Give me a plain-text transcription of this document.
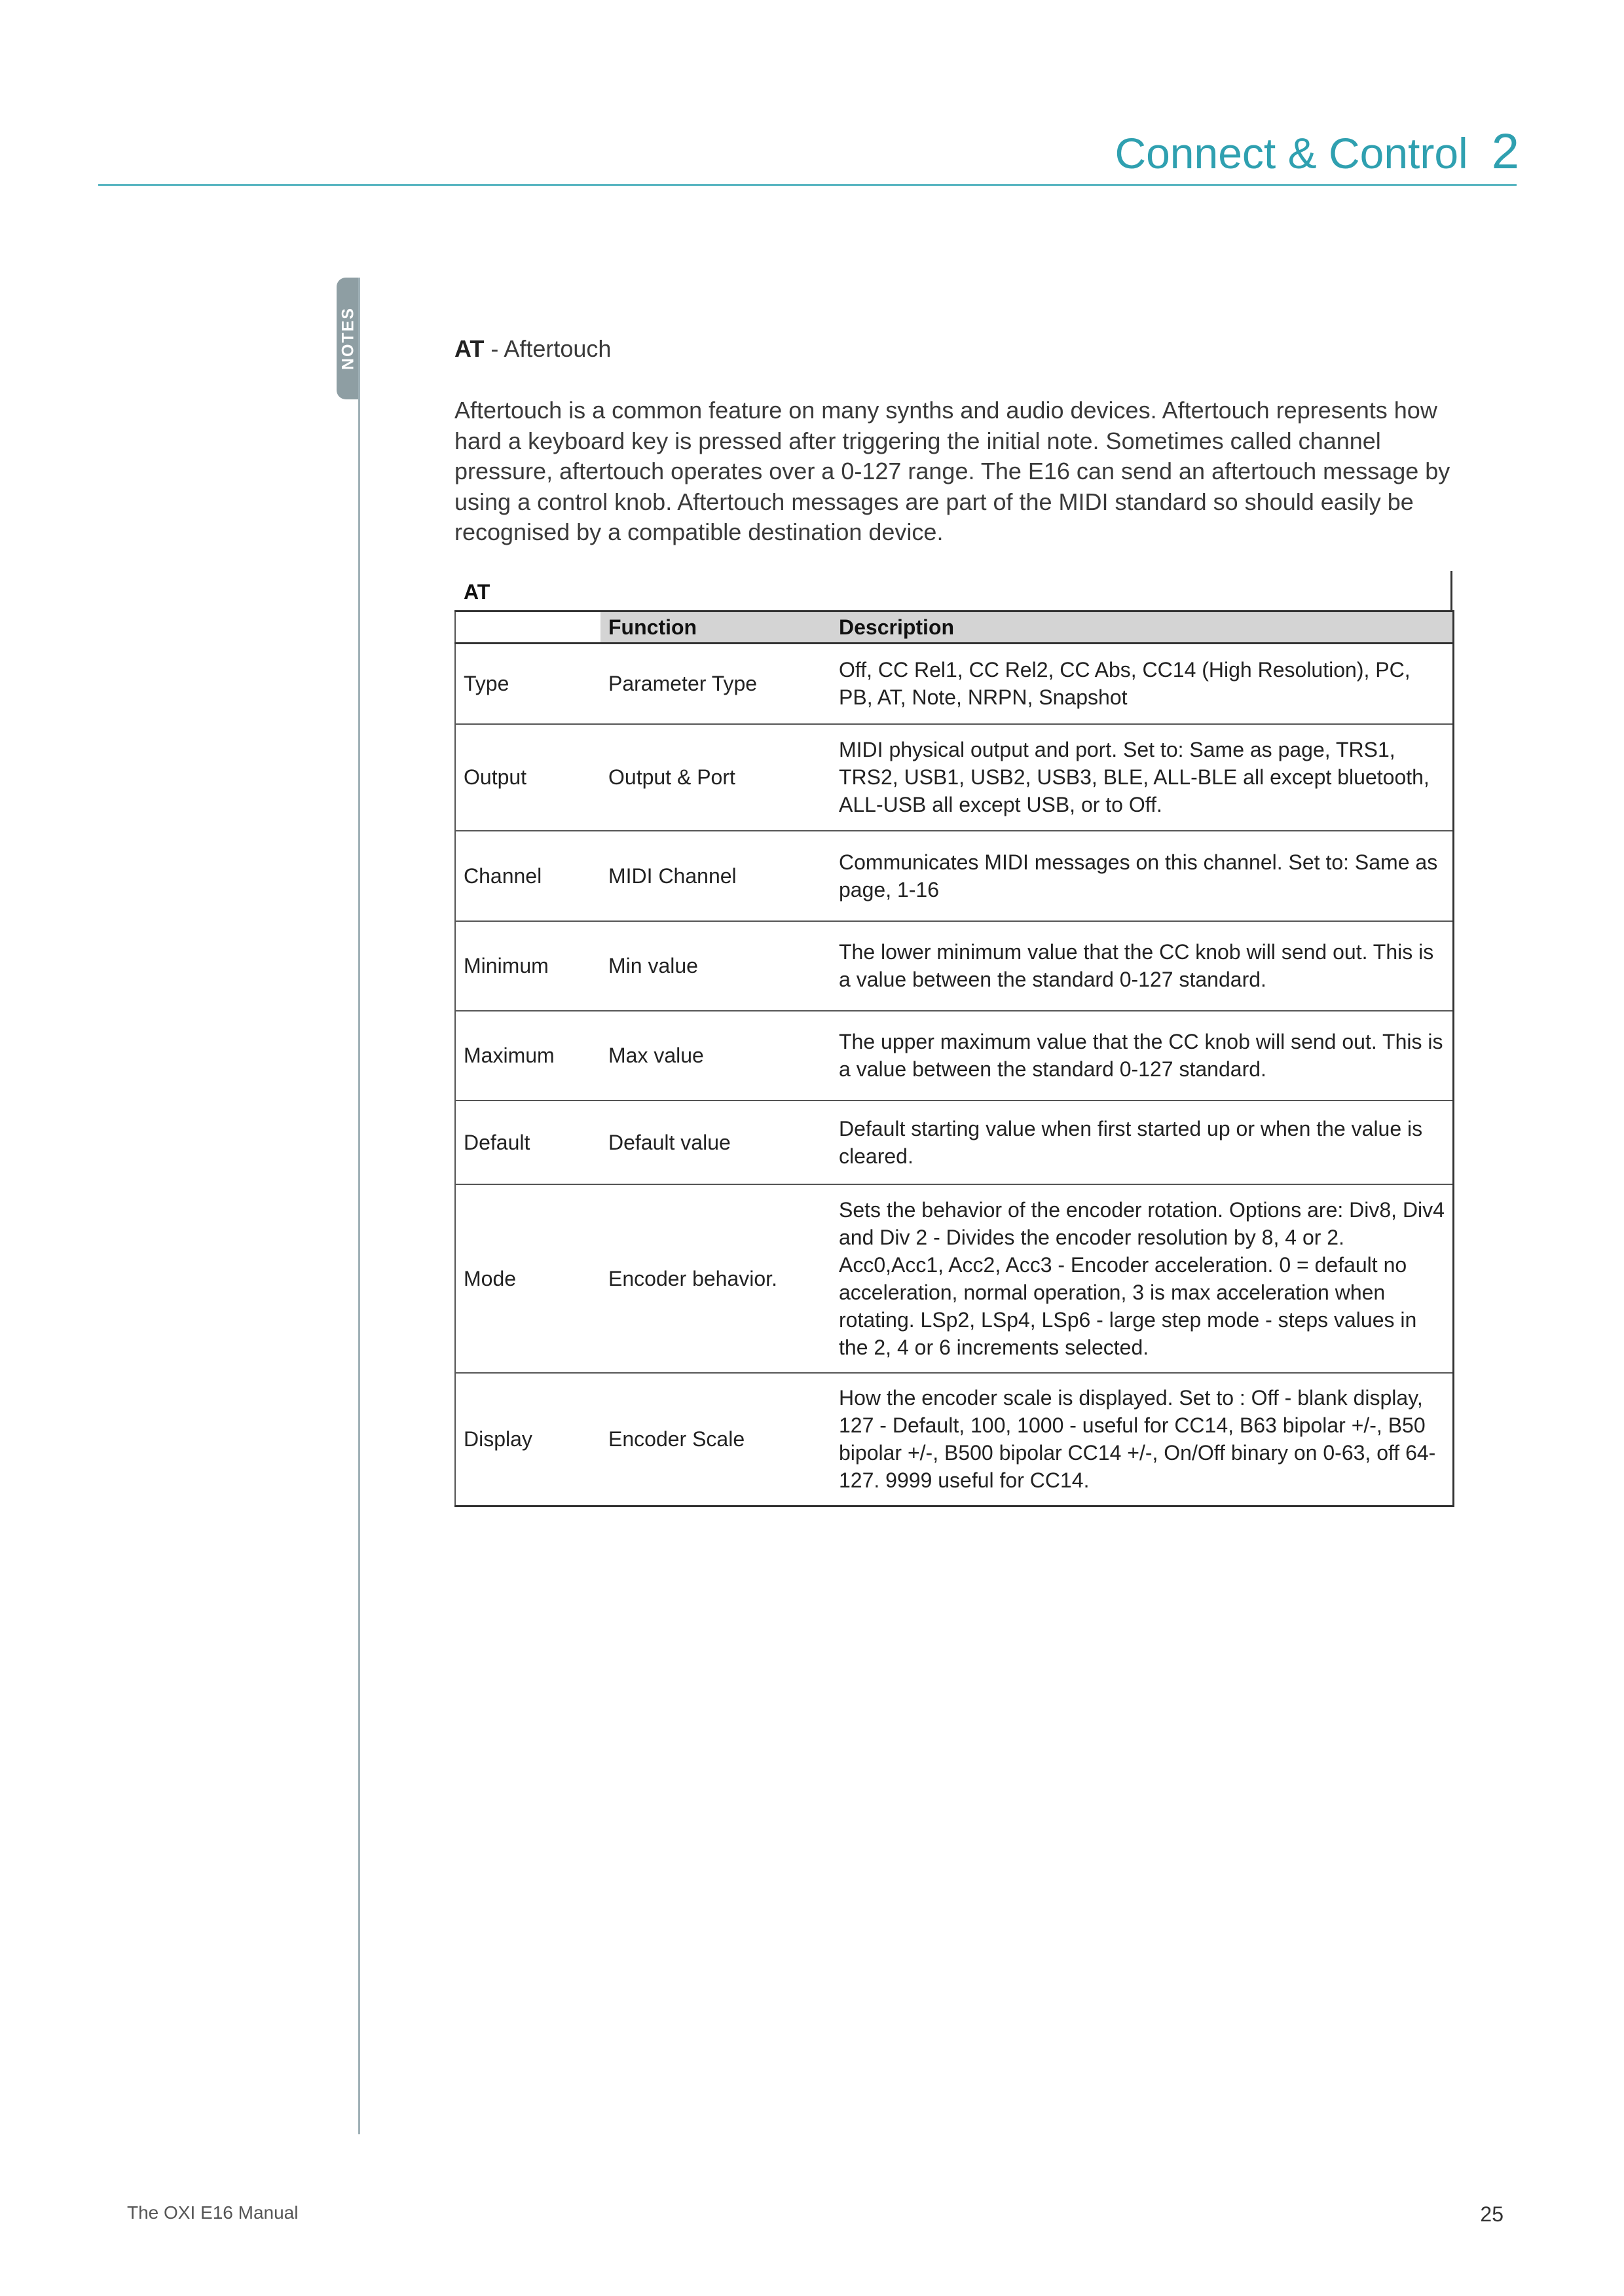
Connect & Control 2
NOTES	AT - Aftertouch
Aftertouch is a common feature on many synths and audio devices. Aftertouch represents how hard a keyboard key is pressed after triggering the initial note. Sometimes called channel pressure, aftertouch operates over a 0-127 range. The E16 can send an aftertouch message by using a control knob. Aftertouch messages are part of the MIDI standard so should easily be recognised by a compatible destination device.
AT
	Function	Description
Type	Parameter Type	Off, CC Rel1, CC Rel2, CC Abs, CC14 (High Resolution), PC, PB, AT, Note, NRPN, Snapshot
Output	Output & Port	MIDI physical output and port. Set to: Same as page, TRS1, TRS2, USB1, USB2, USB3, BLE, ALL-BLE all except bluetooth, ALL-USB all except USB, or to Off.
Channel	MIDI Channel	Communicates MIDI messages on this channel. Set to: Same as page, 1-16
Minimum	Min value	The lower minimum value that the CC knob will send out. This is a value between the standard 0-127 standard.
Maximum	Max value	The upper maximum value that the CC knob will send out. This is a value between the standard 0-127 standard.
Default	Default value	Default starting value when first started up or when the value is cleared.
Mode	Encoder behavior.	Sets the behavior of the encoder rotation. Options are: Div8, Div4 and Div 2 - Divides the encoder resolution by 8, 4 or 2. Acc0,Acc1, Acc2, Acc3 - Encoder acceleration. 0 = default no acceleration, normal operation, 3 is max acceleration when rotating. LSp2, LSp4, LSp6 - large step mode - steps values in the 2, 4 or 6 increments selected.
Display	Encoder Scale	How the encoder scale is displayed. Set to : Off - blank display, 127 - Default, 100, 1000 - useful for CC14, B63 bipolar +/-, B50 bipolar +/-, B500 bipolar CC14 +/-, On/Off binary on 0-63, off 64-127. 9999 useful for CC14.
The OXI E16 Manual	25
